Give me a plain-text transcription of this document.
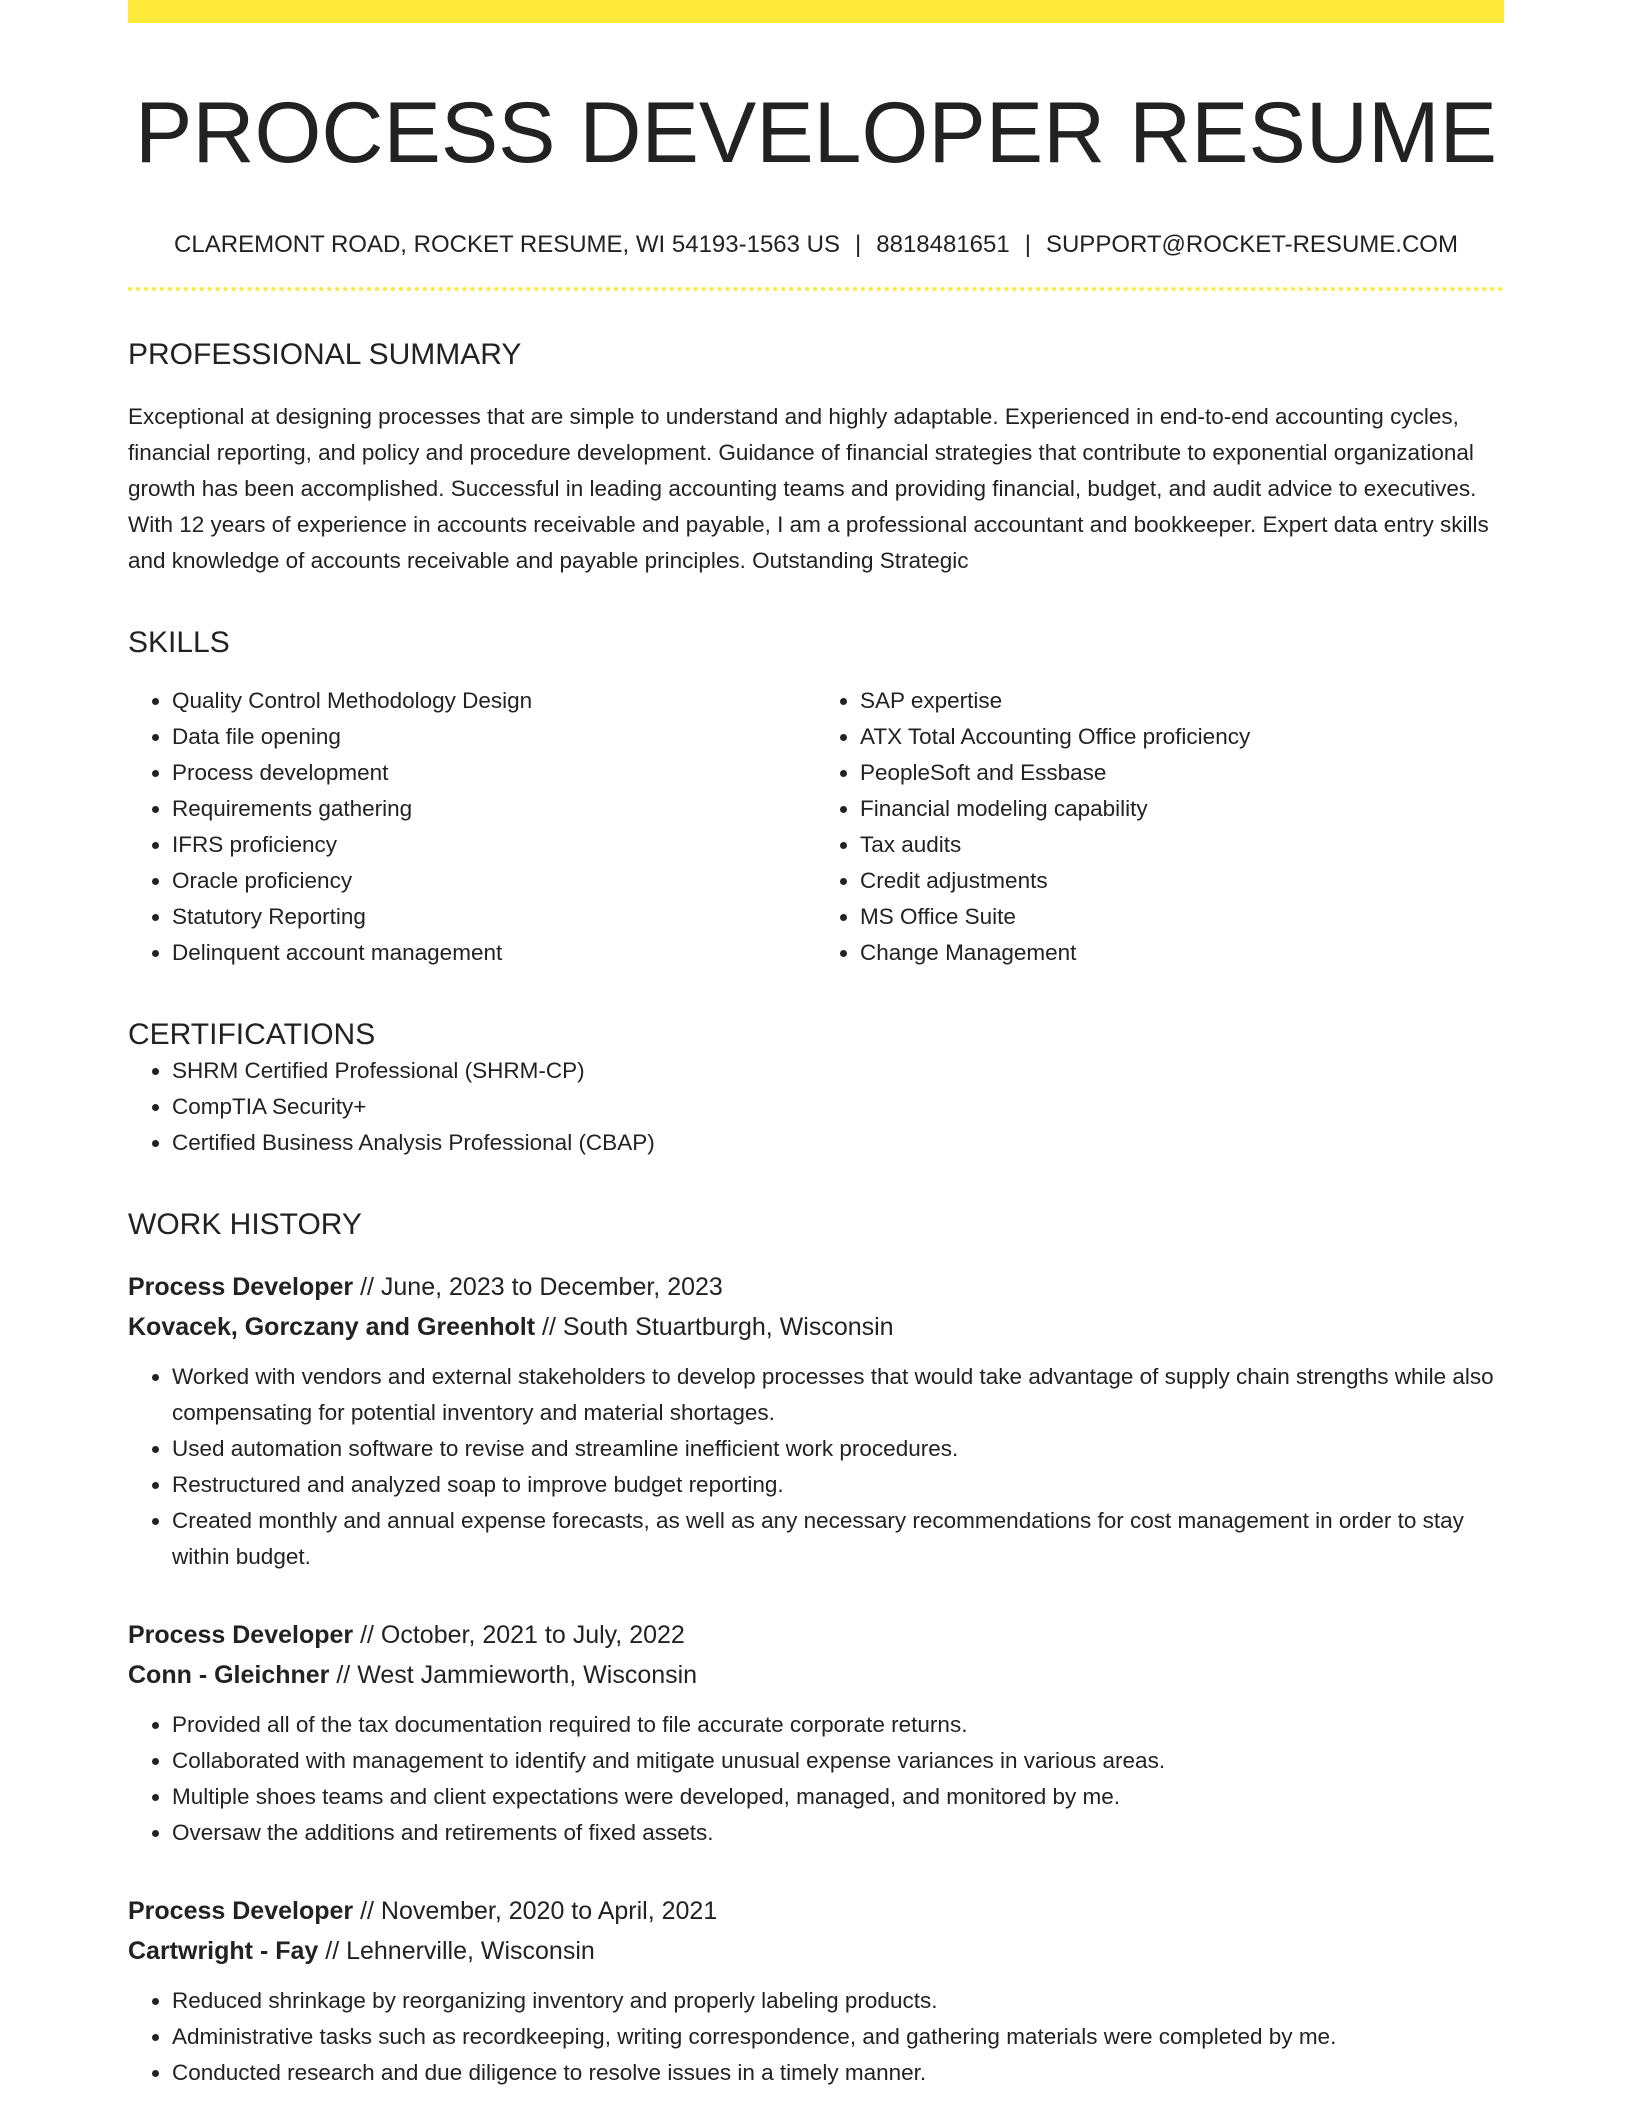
PROCESS DEVELOPER RESUME
CLAREMONT ROAD, ROCKET RESUME, WI 54193-1563 US | 8818481651 | SUPPORT@ROCKET-RESUME.COM
PROFESSIONAL SUMMARY

Exceptional at designing processes that are simple to understand and highly adaptable. Experienced in end-to-end accounting cycles, financial reporting, and policy and procedure development. Guidance of financial strategies that contribute to exponential organizational growth has been accomplished. Successful in leading accounting teams and providing financial, budget, and audit advice to executives. With 12 years of experience in accounts receivable and payable, I am a professional accountant and bookkeeper. Expert data entry skills and knowledge of accounts receivable and payable principles. Outstanding Strategic

SKILLS
• Quality Control Methodology Design
• Data file opening
• Process development
• Requirements gathering
• IFRS proficiency
• Oracle proficiency
• Statutory Reporting
• Delinquent account management
• SAP expertise
• ATX Total Accounting Office proficiency
• PeopleSoft and Essbase
• Financial modeling capability
• Tax audits
• Credit adjustments
• MS Office Suite
• Change Management
CERTIFICATIONS
• SHRM Certified Professional (SHRM-CP)
• CompTIA Security+
• Certified Business Analysis Professional (CBAP)
WORK HISTORY
Process Developer // June, 2023 to December, 2023
Kovacek, Gorczany and Greenholt // South Stuartburgh, Wisconsin
• Worked with vendors and external stakeholders to develop processes that would take advantage of supply chain strengths while also compensating for potential inventory and material shortages.
• Used automation software to revise and streamline inefficient work procedures.
• Restructured and analyzed soap to improve budget reporting.
• Created monthly and annual expense forecasts, as well as any necessary recommendations for cost management in order to stay within budget.
Process Developer // October, 2021 to July, 2022
Conn - Gleichner // West Jammieworth, Wisconsin
• Provided all of the tax documentation required to file accurate corporate returns.
• Collaborated with management to identify and mitigate unusual expense variances in various areas.
• Multiple shoes teams and client expectations were developed, managed, and monitored by me.
• Oversaw the additions and retirements of fixed assets.
Process Developer // November, 2020 to April, 2021
Cartwright - Fay // Lehnerville, Wisconsin
• Reduced shrinkage by reorganizing inventory and properly labeling products.
• Administrative tasks such as recordkeeping, writing correspondence, and gathering materials were completed by me.
• Conducted research and due diligence to resolve issues in a timely manner.
